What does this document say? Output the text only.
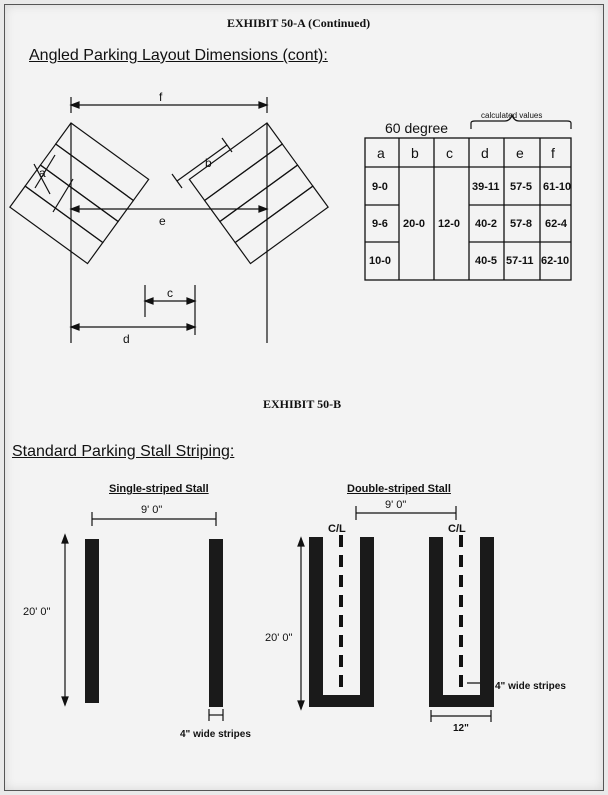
EXHIBIT 50-A (Continued)
Angled Parking Layout Dimensions (cont):
f
e
a
b
c
d
60 degree
calculated values
a b c d e f
9-0
9-6
10-0
20-0 12-0
39-11 57-5 61-10
40-2 57-8 62-4
40-5 57-11 62-10
EXHIBIT 50-B
Standard Parking Stall Striping:
Single-striped Stall	Double-striped Stall
9' 0"
20' 0"
4" wide stripes
9' 0"
C/L	C/L
20' 0"
4" wide stripes
12"
